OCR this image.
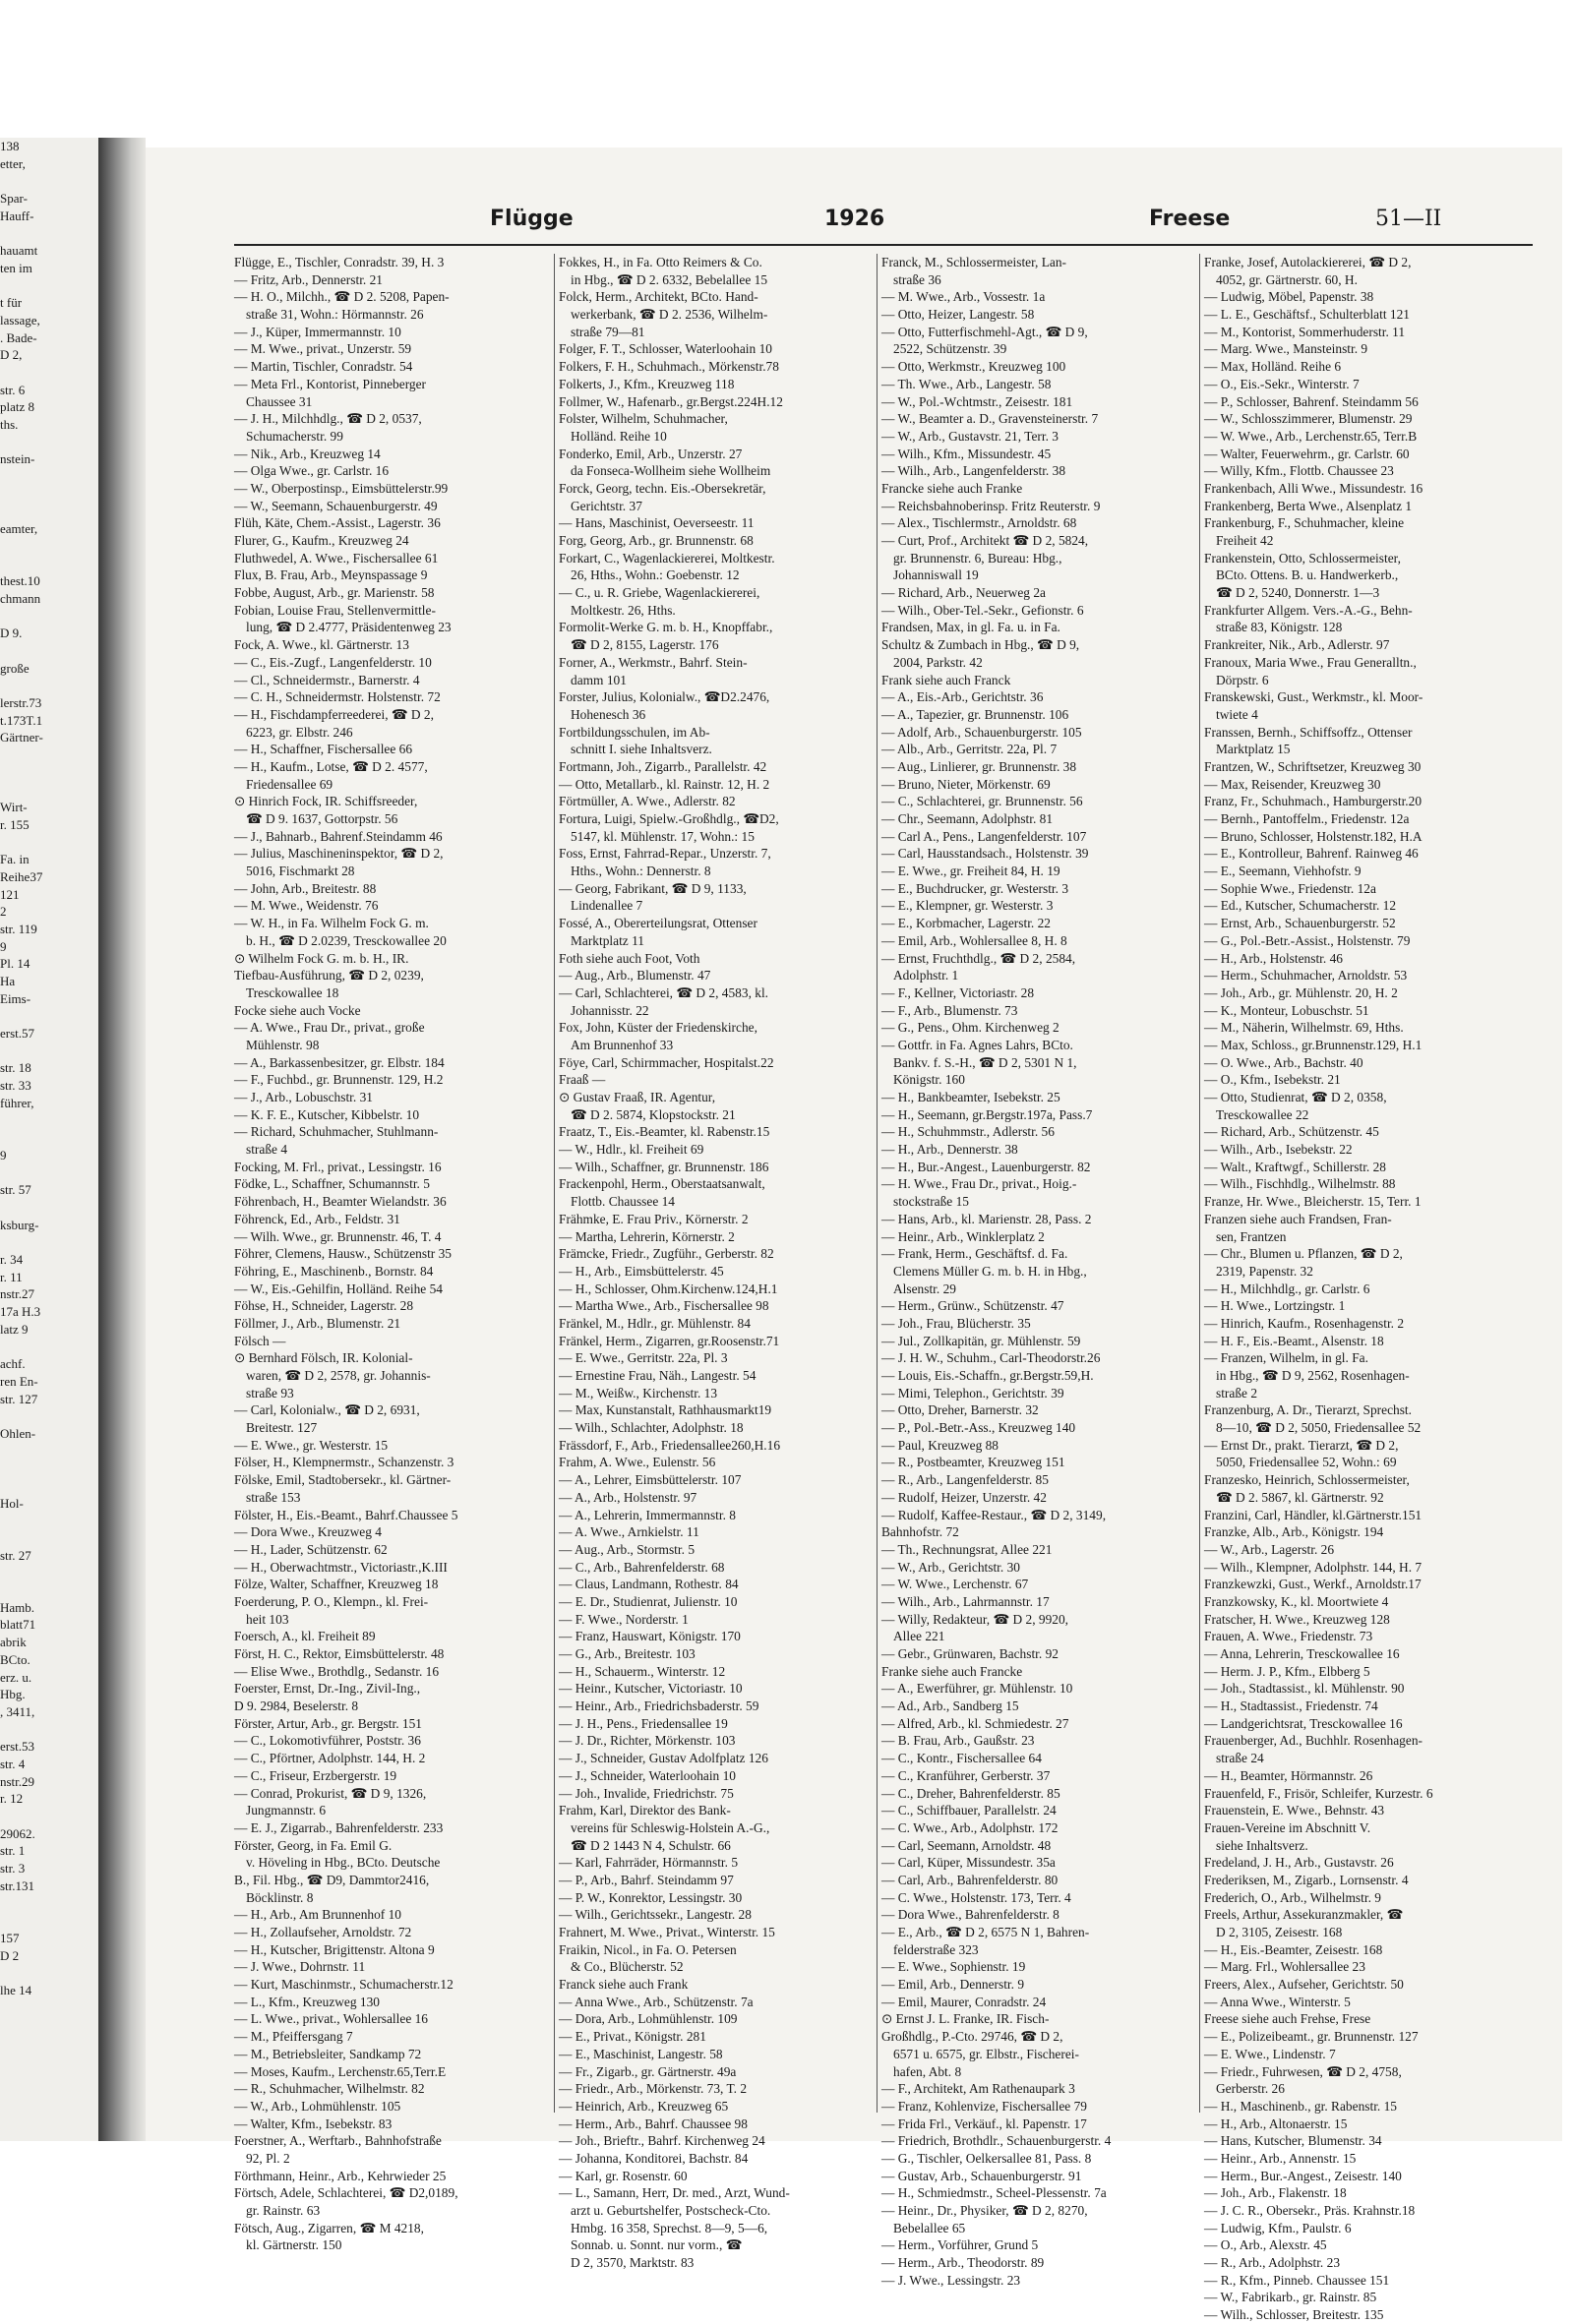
138
etter,
Spar-
Hauff-
hauamt
ten im
t für
lassage,
. Bade-
D 2,
str. 6
platz 8
ths.
nstein-
eamter,
thest.10
chmann
D 9.
große
lerstr.73
t.173T.1
Gärtner-
Wirt-
r. 155
Fa. in
Reihe37
121
2
str. 119
9
Pl. 14
Ha
Eims-
erst.57
str. 18
str. 33
führer,
9
str. 57
ksburg-
r. 34
r. 11
nstr.27
17a H.3
latz 9
achf.
ren En-
str. 127
Ohlen-
Hol-
str. 27
Hamb.
blatt71
abrik
BCto.
erz. u.
Hbg.
, 3411,
erst.53
str. 4
nstr.29
r. 12
29062.
str. 1
str. 3
str.131
157
D 2
lhe 14
Flügge	1926	Freese	51—II
Flügge, E., Tischler, Conradstr. 39, H. 3
— Fritz, Arb., Dennerstr. 21
— H. O., Milchh., ☎ D 2. 5208, Papen-
straße 31, Wohn.: Hörmannstr. 26
— J., Küper, Immermannstr. 10
— M. Wwe., privat., Unzerstr. 59
— Martin, Tischler, Conradstr. 54
— Meta Frl., Kontorist, Pinneberger
Chaussee 31
— J. H., Milchhdlg., ☎ D 2, 0537,
Schumacherstr. 99
— Nik., Arb., Kreuzweg 14
— Olga Wwe., gr. Carlstr. 16
— W., Oberpostinsp., Eimsbüttelerstr.99
— W., Seemann, Schauenburgerstr. 49
Flüh, Käte, Chem.-Assist., Lagerstr. 36
Flurer, G., Kaufm., Kreuzweg 24
Fluthwedel, A. Wwe., Fischersallee 61
Flux, B. Frau, Arb., Meynspassage 9
Fobbe, August, Arb., gr. Marienstr. 58
Fobian, Louise Frau, Stellenvermittle-
lung, ☎ D 2.4777, Präsidentenweg 23
Fock, A. Wwe., kl. Gärtnerstr. 13
— C., Eis.-Zugf., Langenfelderstr. 10
— Cl., Schneidermstr., Barnerstr. 4
— C. H., Schneidermstr. Holstenstr. 72
— H., Fischdampferreederei, ☎ D 2,
6223, gr. Elbstr. 246
— H., Schaffner, Fischersallee 66
— H., Kaufm., Lotse, ☎ D 2. 4577,
Friedensallee 69
⊙ Hinrich Fock, IR. Schiffsreeder,
☎ D 9. 1637, Gottorpstr. 56
— J., Bahnarb., Bahrenf.Steindamm 46
— Julius, Maschineninspektor, ☎ D 2,
5016, Fischmarkt 28
— John, Arb., Breitestr. 88
— M. Wwe., Weidenstr. 76
— W. H., in Fa. Wilhelm Fock G. m.
b. H., ☎ D 2.0239, Tresckowallee 20
⊙ Wilhelm Fock G. m. b. H., IR.
Tiefbau-Ausführung, ☎ D 2, 0239,
Tresckowallee 18
Focke siehe auch Vocke
— A. Wwe., Frau Dr., privat., große
Mühlenstr. 98
— A., Barkassenbesitzer, gr. Elbstr. 184
— F., Fuchbd., gr. Brunnenstr. 129, H.2
— J., Arb., Lobuschstr. 31
— K. F. E., Kutscher, Kibbelstr. 10
— Richard, Schuhmacher, Stuhlmann-
straße 4
Focking, M. Frl., privat., Lessingstr. 16
Födke, L., Schaffner, Schumannstr. 5
Föhrenbach, H., Beamter Wielandstr. 36
Föhrenck, Ed., Arb., Feldstr. 31
— Wilh. Wwe., gr. Brunnenstr. 46, T. 4
Föhrer, Clemens, Hausw., Schützenstr 35
Föhring, E., Maschinenb., Bornstr. 84
— W., Eis.-Gehilfin, Holländ. Reihe 54
Föhse, H., Schneider, Lagerstr. 28
Föllmer, J., Arb., Blumenstr. 21
Fölsch —
⊙ Bernhard Fölsch, IR. Kolonial-
waren, ☎ D 2, 2578, gr. Johannis-
straße 93
— Carl, Kolonialw., ☎ D 2, 6931,
Breitestr. 127
— E. Wwe., gr. Westerstr. 15
Fölser, H., Klempnermstr., Schanzenstr. 3
Fölske, Emil, Stadtobersekr., kl. Gärtner-
straße 153
Fölster, H., Eis.-Beamt., Bahrf.Chaussee 5
— Dora Wwe., Kreuzweg 4
— H., Lader, Schützenstr. 62
— H., Oberwachtmstr., Victoriastr.,K.III
Fölze, Walter, Schaffner, Kreuzweg 18
Foerderung, P. O., Klempn., kl. Frei-
heit 103
Foersch, A., kl. Freiheit 89
Först, H. C., Rektor, Eimsbüttelerstr. 48
— Elise Wwe., Brothdlg., Sedanstr. 16
Foerster, Ernst, Dr.-Ing., Zivil-Ing.,
D 9. 2984, Beselerstr. 8
Förster, Artur, Arb., gr. Bergstr. 151
— C., Lokomotivführer, Poststr. 36
— C., Pförtner, Adolphstr. 144, H. 2
— C., Friseur, Erzbergerstr. 19
— Conrad, Prokurist, ☎ D 9, 1326,
Jungmannstr. 6
— E. J., Zigarrab., Bahrenfelderstr. 233
Förster, Georg, in Fa. Emil G.
v. Höveling in Hbg., BCto. Deutsche
B., Fil. Hbg., ☎ D9, Dammtor2416,
Böcklinstr. 8
— H., Arb., Am Brunnenhof 10
— H., Zollaufseher, Arnoldstr. 72
— H., Kutscher, Brigittenstr. Altona 9
— J. Wwe., Dohrnstr. 11
— Kurt, Maschinmstr., Schumacherstr.12
— L., Kfm., Kreuzweg 130
— L. Wwe., privat., Wohlersallee 16
— M., Pfeiffersgang 7
— M., Betriebsleiter, Sandkamp 72
— Moses, Kaufm., Lerchenstr.65,Terr.E
— R., Schuhmacher, Wilhelmstr. 82
— W., Arb., Lohmühlenstr. 105
— Walter, Kfm., Isebekstr. 83
Foerstner, A., Werftarb., Bahnhofstraße
92, Pl. 2
Förthmann, Heinr., Arb., Kehrwieder 25
Förtsch, Adele, Schlachterei, ☎ D2,0189,
gr. Rainstr. 63
Fötsch, Aug., Zigarren, ☎ M 4218,
kl. Gärtnerstr. 150
Fokkes, H., in Fa. Otto Reimers & Co.
in Hbg., ☎ D 2. 6332, Bebelallee 15
Folck, Herm., Architekt, BCto. Hand-
werkerbank, ☎ D 2. 2536, Wilhelm-
straße 79—81
Folger, F. T., Schlosser, Waterloohain 10
Folkers, F. H., Schuhmach., Mörkenstr.78
Folkerts, J., Kfm., Kreuzweg 118
Follmer, W., Hafenarb., gr.Bergst.224H.12
Folster, Wilhelm, Schuhmacher,
Holländ. Reihe 10
Fonderko, Emil, Arb., Unzerstr. 27
da Fonseca-Wollheim siehe Wollheim
Forck, Georg, techn. Eis.-Obersekretär,
Gerichtstr. 37
— Hans, Maschinist, Oeverseestr. 11
Forg, Georg, Arb., gr. Brunnenstr. 68
Forkart, C., Wagenlackiererei, Moltkestr.
26, Hths., Wohn.: Goebenstr. 12
— C., u. R. Griebe, Wagenlackiererei,
Moltkestr. 26, Hths.
Formolit-Werke G. m. b. H., Knopffabr.,
☎ D 2, 8155, Lagerstr. 176
Forner, A., Werkmstr., Bahrf. Stein-
damm 101
Forster, Julius, Kolonialw., ☎D2.2476,
Hohenesch 36
Fortbildungsschulen, im Ab-
schnitt I. siehe Inhaltsverz.
Fortmann, Joh., Zigarrb., Parallelstr. 42
— Otto, Metallarb., kl. Rainstr. 12, H. 2
Förtmüller, A. Wwe., Adlerstr. 82
Fortura, Luigi, Spielw.-Großhdlg., ☎D2,
5147, kl. Mühlenstr. 17, Wohn.: 15
Foss, Ernst, Fahrrad-Repar., Unzerstr. 7,
Hths., Wohn.: Dennerstr. 8
— Georg, Fabrikant, ☎ D 9, 1133,
Lindenallee 7
Fossé, A., Obererteilungsrat, Ottenser
Marktplatz 11
Foth siehe auch Foot, Voth
— Aug., Arb., Blumenstr. 47
— Carl, Schlachterei, ☎ D 2, 4583, kl.
Johannisstr. 22
Fox, John, Küster der Friedenskirche,
Am Brunnenhof 33
Föye, Carl, Schirmmacher, Hospitalst.22
Fraaß —
⊙ Gustav Fraaß, IR. Agentur,
☎ D 2. 5874, Klopstockstr. 21
Fraatz, T., Eis.-Beamter, kl. Rabenstr.15
— W., Hdlr., kl. Freiheit 69
— Wilh., Schaffner, gr. Brunnenstr. 186
Frackenpohl, Herm., Oberstaatsanwalt,
Flottb. Chaussee 14
Frähmke, E. Frau Priv., Körnerstr. 2
— Martha, Lehrerin, Körnerstr. 2
Främcke, Friedr., Zugführ., Gerberstr. 82
— H., Arb., Eimsbüttelerstr. 45
— H., Schlosser, Ohm.Kirchenw.124,H.1
— Martha Wwe., Arb., Fischersallee 98
Fränkel, M., Hdlr., gr. Mühlenstr. 84
Fränkel, Herm., Zigarren, gr.Roosenstr.71
— E. Wwe., Gerritstr. 22a, Pl. 3
— Ernestine Frau, Näh., Langestr. 54
— M., Weißw., Kirchenstr. 13
— Max, Kunstanstalt, Rathhausmarkt19
— Wilh., Schlachter, Adolphstr. 18
Frässdorf, F., Arb., Friedensallee260,H.16
Frahm, A. Wwe., Eulenstr. 56
— A., Lehrer, Eimsbüttelerstr. 107
— A., Arb., Holstenstr. 97
— A., Lehrerin, Immermannstr. 8
— A. Wwe., Arnkielstr. 11
— Aug., Arb., Stormstr. 5
— C., Arb., Bahrenfelderstr. 68
— Claus, Landmann, Rothestr. 84
— E. Dr., Studienrat, Julienstr. 10
— F. Wwe., Norderstr. 1
— Franz, Hauswart, Königstr. 170
— G., Arb., Breitestr. 103
— H., Schauerm., Winterstr. 12
— Heinr., Kutscher, Victoriastr. 10
— Heinr., Arb., Friedrichsbaderstr. 59
— J. H., Pens., Friedensallee 19
— J. Dr., Richter, Mörkenstr. 103
— J., Schneider, Gustav Adolfplatz 126
— J., Schneider, Waterloohain 10
— Joh., Invalide, Friedrichstr. 75
Frahm, Karl, Direktor des Bank-
vereins für Schleswig-Holstein A.-G.,
☎ D 2 1443 N 4, Schulstr. 66
— Karl, Fahrräder, Hörmannstr. 5
— P., Arb., Bahrf. Steindamm 97
— P. W., Konrektor, Lessingstr. 30
— Wilh., Gerichtssekr., Langestr. 28
Frahnert, M. Wwe., Privat., Winterstr. 15
Fraikin, Nicol., in Fa. O. Petersen
& Co., Blücherstr. 52
Franck siehe auch Frank
— Anna Wwe., Arb., Schützenstr. 7a
— Dora, Arb., Lohmühlenstr. 109
— E., Privat., Königstr. 281
— E., Maschinist, Langestr. 58
— Fr., Zigarb., gr. Gärtnerstr. 49a
— Friedr., Arb., Mörkenstr. 73, T. 2
— Heinrich, Arb., Kreuzweg 65
— Herm., Arb., Bahrf. Chaussee 98
— Joh., Brieftr., Bahrf. Kirchenweg 24
— Johanna, Konditorei, Bachstr. 84
— Karl, gr. Rosenstr. 60
— L., Samann, Herr, Dr. med., Arzt, Wund-
arzt u. Geburtshelfer, Postscheck-Cto.
Hmbg. 16 358, Sprechst. 8—9, 5—6,
Sonnab. u. Sonnt. nur vorm., ☎
D 2, 3570, Marktstr. 83
Franck, M., Schlossermeister, Lan-
straße 36
— M. Wwe., Arb., Vossestr. 1a
— Otto, Heizer, Langestr. 58
— Otto, Futterfischmehl-Agt., ☎ D 9,
2522, Schützenstr. 39
— Otto, Werkmstr., Kreuzweg 100
— Th. Wwe., Arb., Langestr. 58
— W., Pol.-Wchtmstr., Zeisestr. 181
— W., Beamter a. D., Gravensteinerstr. 7
— W., Arb., Gustavstr. 21, Terr. 3
— Wilh., Kfm., Missundestr. 45
— Wilh., Arb., Langenfelderstr. 38
Francke siehe auch Franke
— Reichsbahnoberinsp. Fritz Reuterstr. 9
— Alex., Tischlermstr., Arnoldstr. 68
— Curt, Prof., Architekt ☎ D 2, 5824,
gr. Brunnenstr. 6, Bureau: Hbg.,
Johanniswall 19
— Richard, Arb., Neuerweg 2a
— Wilh., Ober-Tel.-Sekr., Gefionstr. 6
Frandsen, Max, in gl. Fa. u. in Fa.
Schultz & Zumbach in Hbg., ☎ D 9,
2004, Parkstr. 42
Frank siehe auch Franck
— A., Eis.-Arb., Gerichtstr. 36
— A., Tapezier, gr. Brunnenstr. 106
— Adolf, Arb., Schauenburgerstr. 105
— Alb., Arb., Gerritstr. 22a, Pl. 7
— Aug., Linlierer, gr. Brunnenstr. 38
— Bruno, Nieter, Mörkenstr. 69
— C., Schlachterei, gr. Brunnenstr. 56
— Chr., Seemann, Adolphstr. 81
— Carl A., Pens., Langenfelderstr. 107
— Carl, Hausstandsach., Holstenstr. 39
— E. Wwe., gr. Freiheit 84, H. 19
— E., Buchdrucker, gr. Westerstr. 3
— E., Klempner, gr. Westerstr. 3
— E., Korbmacher, Lagerstr. 22
— Emil, Arb., Wohlersallee 8, H. 8
— Ernst, Fruchthdlg., ☎ D 2, 2584,
Adolphstr. 1
— F., Kellner, Victoriastr. 28
— F., Arb., Blumenstr. 73
— G., Pens., Ohm. Kirchenweg 2
— Gottfr. in Fa. Agnes Lahrs, BCto.
Bankv. f. S.-H., ☎ D 2, 5301 N 1,
Königstr. 160
— H., Bankbeamter, Isebekstr. 25
— H., Seemann, gr.Bergstr.197a, Pass.7
— H., Schuhmmstr., Adlerstr. 56
— H., Arb., Dennerstr. 38
— H., Bur.-Angest., Lauenburgerstr. 82
— H. Wwe., Frau Dr., privat., Hoig.-
stockstraße 15
— Hans, Arb., kl. Marienstr. 28, Pass. 2
— Heinr., Arb., Winklerplatz 2
— Frank, Herm., Geschäftsf. d. Fa.
Clemens Müller G. m. b. H. in Hbg.,
Alsenstr. 29
— Herm., Grünw., Schützenstr. 47
— Joh., Frau, Blücherstr. 35
— Jul., Zollkapitän, gr. Mühlenstr. 59
— J. H. W., Schuhm., Carl-Theodorstr.26
— Louis, Eis.-Schaffn., gr.Bergstr.59,H.
— Mimi, Telephon., Gerichtstr. 39
— Otto, Dreher, Barnerstr. 32
— P., Pol.-Betr.-Ass., Kreuzweg 140
— Paul, Kreuzweg 88
— R., Postbeamter, Kreuzweg 151
— R., Arb., Langenfelderstr. 85
— Rudolf, Heizer, Unzerstr. 42
— Rudolf, Kaffee-Restaur., ☎ D 2, 3149,
Bahnhofstr. 72
— Th., Rechnungsrat, Allee 221
— W., Arb., Gerichtstr. 30
— W. Wwe., Lerchenstr. 67
— Wilh., Arb., Lahrmannstr. 17
— Willy, Redakteur, ☎ D 2, 9920,
Allee 221
— Gebr., Grünwaren, Bachstr. 92
Franke siehe auch Francke
— A., Ewerführer, gr. Mühlenstr. 10
— Ad., Arb., Sandberg 15
— Alfred, Arb., kl. Schmiedestr. 27
— B. Frau, Arb., Gaußstr. 23
— C., Kontr., Fischersallee 64
— C., Kranführer, Gerberstr. 37
— C., Dreher, Bahrenfelderstr. 85
— C., Schiffbauer, Parallelstr. 24
— C. Wwe., Arb., Adolphstr. 172
— Carl, Seemann, Arnoldstr. 48
— Carl, Küper, Missundestr. 35a
— Carl, Arb., Bahrenfelderstr. 80
— C. Wwe., Holstenstr. 173, Terr. 4
— Dora Wwe., Bahrenfelderstr. 8
— E., Arb., ☎ D 2, 6575 N 1, Bahren-
felderstraße 323
— E. Wwe., Sophienstr. 19
— Emil, Arb., Dennerstr. 9
— Emil, Maurer, Conradstr. 24
⊙ Ernst J. L. Franke, IR. Fisch-
Großhdlg., P.-Cto. 29746, ☎ D 2,
6571 u. 6575, gr. Elbstr., Fischerei-
hafen, Abt. 8
— F., Architekt, Am Rathenaupark 3
— Franz, Kohlenvize, Fischersallee 79
— Frida Frl., Verkäuf., kl. Papenstr. 17
— Friedrich, Brothdlr., Schauenburgerstr. 4
— G., Tischler, Oelkersallee 81, Pass. 8
— Gustav, Arb., Schauenburgerstr. 91
— H., Schmiedmstr., Scheel-Plessenstr. 7a
— Heinr., Dr., Physiker, ☎ D 2, 8270,
Bebelallee 65
— Herm., Vorführer, Grund 5
— Herm., Arb., Theodorstr. 89
— J. Wwe., Lessingstr. 23
Franke, Josef, Autolackiererei, ☎ D 2,
4052, gr. Gärtnerstr. 60, H.
— Ludwig, Möbel, Papenstr. 38
— L. E., Geschäftsf., Schulterblatt 121
— M., Kontorist, Sommerhuderstr. 11
— Marg. Wwe., Mansteinstr. 9
— Max, Holländ. Reihe 6
— O., Eis.-Sekr., Winterstr. 7
— P., Schlosser, Bahrenf. Steindamm 56
— W., Schlosszimmerer, Blumenstr. 29
— W. Wwe., Arb., Lerchenstr.65, Terr.B
— Walter, Feuerwehrm., gr. Carlstr. 60
— Willy, Kfm., Flottb. Chaussee 23
Frankenbach, Alli Wwe., Missundestr. 16
Frankenberg, Berta Wwe., Alsenplatz 1
Frankenburg, F., Schuhmacher, kleine
Freiheit 42
Frankenstein, Otto, Schlossermeister,
BCto. Ottens. B. u. Handwerkerb.,
☎ D 2, 5240, Donnerstr. 1—3
Frankfurter Allgem. Vers.-A.-G., Behn-
straße 83, Königstr. 128
Frankreiter, Nik., Arb., Adlerstr. 97
Franoux, Maria Wwe., Frau Generalltn.,
Dörpstr. 6
Franskewski, Gust., Werkmstr., kl. Moor-
twiete 4
Franssen, Bernh., Schiffsoffz., Ottenser
Marktplatz 15
Frantzen, W., Schriftsetzer, Kreuzweg 30
— Max, Reisender, Kreuzweg 30
Franz, Fr., Schuhmach., Hamburgerstr.20
— Bernh., Pantoffelm., Friedenstr. 12a
— Bruno, Schlosser, Holstenstr.182, H.A
— E., Kontrolleur, Bahrenf. Rainweg 46
— E., Seemann, Viehhofstr. 9
— Sophie Wwe., Friedenstr. 12a
— Ed., Kutscher, Schumacherstr. 12
— Ernst, Arb., Schauenburgerstr. 52
— G., Pol.-Betr.-Assist., Holstenstr. 79
— H., Arb., Holstenstr. 46
— Herm., Schuhmacher, Arnoldstr. 53
— Joh., Arb., gr. Mühlenstr. 20, H. 2
— K., Monteur, Lobuschstr. 51
— M., Näherin, Wilhelmstr. 69, Hths.
— Max, Schloss., gr.Brunnenstr.129, H.1
— O. Wwe., Arb., Bachstr. 40
— O., Kfm., Isebekstr. 21
— Otto, Studienrat, ☎ D 2, 0358,
Tresckowallee 22
— Richard, Arb., Schützenstr. 45
— Wilh., Arb., Isebekstr. 22
— Walt., Kraftwgf., Schillerstr. 28
— Wilh., Fischhdlg., Wilhelmstr. 88
Franze, Hr. Wwe., Bleicherstr. 15, Terr. 1
Franzen siehe auch Frandsen, Fran-
sen, Frantzen
— Chr., Blumen u. Pflanzen, ☎ D 2,
2319, Papenstr. 32
— H., Milchhdlg., gr. Carlstr. 6
— H. Wwe., Lortzingstr. 1
— Hinrich, Kaufm., Rosenhagenstr. 2
— H. F., Eis.-Beamt., Alsenstr. 18
— Franzen, Wilhelm, in gl. Fa.
in Hbg., ☎ D 9, 2562, Rosenhagen-
straße 2
Franzenburg, A. Dr., Tierarzt, Sprechst.
8—10, ☎ D 2, 5050, Friedensallee 52
— Ernst Dr., prakt. Tierarzt, ☎ D 2,
5050, Friedensallee 52, Wohn.: 69
Franzesko, Heinrich, Schlossermeister,
☎ D 2. 5867, kl. Gärtnerstr. 92
Franzini, Carl, Händler, kl.Gärtnerstr.151
Franzke, Alb., Arb., Königstr. 194
— W., Arb., Lagerstr. 26
— Wilh., Klempner, Adolphstr. 144, H. 7
Franzkewzki, Gust., Werkf., Arnoldstr.17
Franzkowsky, K., kl. Moortwiete 4
Fratscher, H. Wwe., Kreuzweg 128
Frauen, A. Wwe., Friedenstr. 73
— Anna, Lehrerin, Tresckowallee 16
— Herm. J. P., Kfm., Elbberg 5
— Joh., Stadtassist., kl. Mühlenstr. 90
— H., Stadtassist., Friedenstr. 74
— Landgerichtsrat, Tresckowallee 16
Frauenberger, Ad., Buchhlr. Rosenhagen-
straße 24
— H., Beamter, Hörmannstr. 26
Frauenfeld, F., Frisör, Schleifer, Kurzestr. 6
Frauenstein, E. Wwe., Behnstr. 43
Frauen-Vereine im Abschnitt V.
siehe Inhaltsverz.
Fredeland, J. H., Arb., Gustavstr. 26
Frederiksen, M., Zigarb., Lornsenstr. 4
Frederich, O., Arb., Wilhelmstr. 9
Freels, Arthur, Assekuranzmakler, ☎
D 2, 3105, Zeisestr. 168
— H., Eis.-Beamter, Zeisestr. 168
— Marg. Frl., Wohlersallee 23
Freers, Alex., Aufseher, Gerichtstr. 50
— Anna Wwe., Winterstr. 5
Freese siehe auch Frehse, Frese
— E., Polizeibeamt., gr. Brunnenstr. 127
— E. Wwe., Lindenstr. 7
— Friedr., Fuhrwesen, ☎ D 2, 4758,
Gerberstr. 26
— H., Maschinenb., gr. Rabenstr. 15
— H., Arb., Altonaerstr. 15
— Hans, Kutscher, Blumenstr. 34
— Heinr., Arb., Annenstr. 15
— Herm., Bur.-Angest., Zeisestr. 140
— Joh., Arb., Flakenstr. 18
— J. C. R., Obersekr., Präs. Krahnstr.18
— Ludwig, Kfm., Paulstr. 6
— O., Arb., Alexstr. 45
— R., Arb., Adolphstr. 23
— R., Kfm., Pinneb. Chaussee 151
— W., Fabrikarb., gr. Rainstr. 85
— Wilh., Schlosser, Breitestr. 135
